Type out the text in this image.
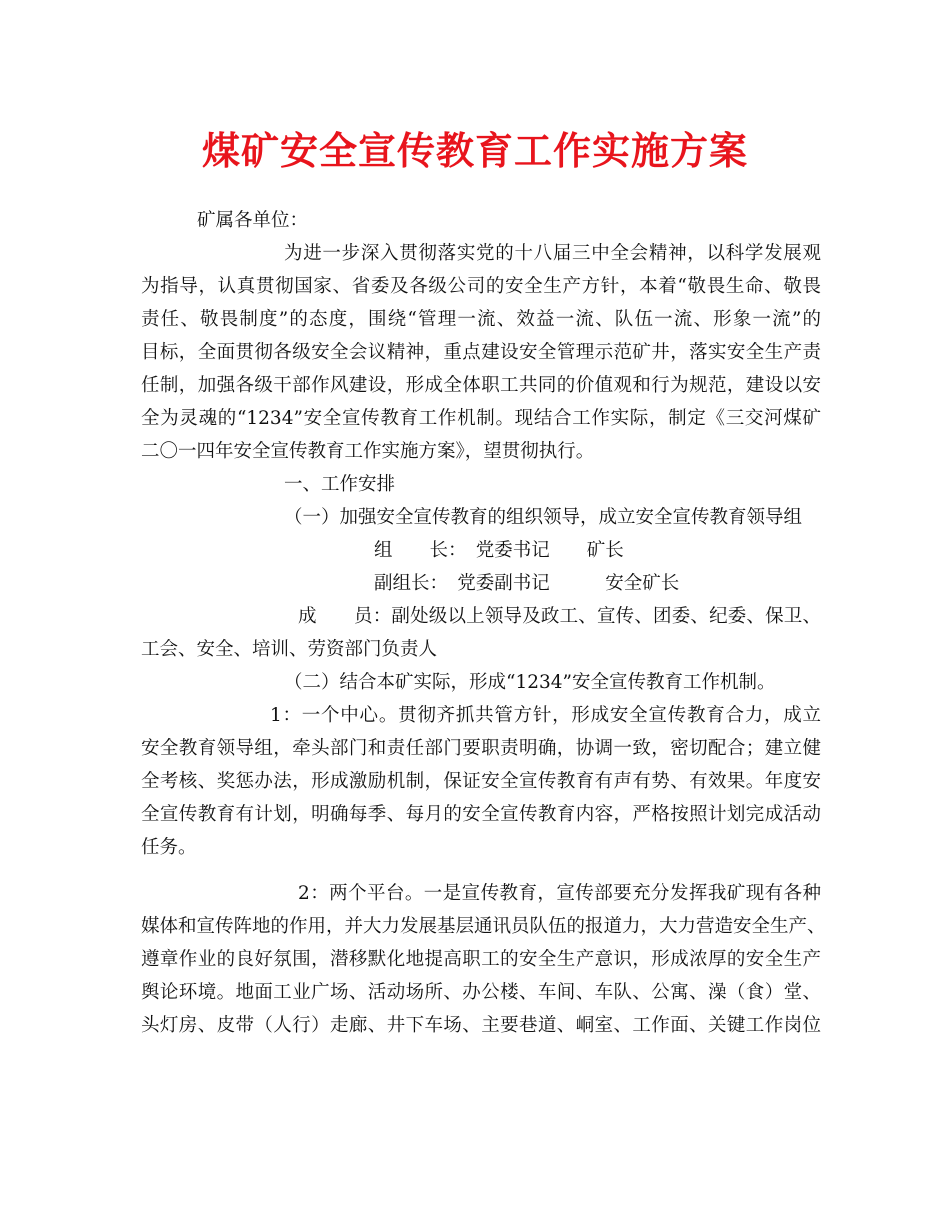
煤矿安全宣传教育工作实施方案
矿属各单位：
为进一步深入贯彻落实党的十八届三中全会精神，以科学发展观
为指导，认真贯彻国家、省委及各级公司的安全生产方针，本着“敬畏生命、敬畏
责任、敬畏制度”的态度，围绕“管理一流、效益一流、队伍一流、形象一流”的
目标，全面贯彻各级安全会议精神，重点建设安全管理示范矿井，落实安全生产责
任制，加强各级干部作风建设，形成全体职工共同的价值观和行为规范，建设以安
全为灵魂的“1234”安全宣传教育工作机制。现结合工作实际，制定《三交河煤矿
二〇一四年安全宣传教育工作实施方案》，望贯彻执行。
一、工作安排
（一）加强安全宣传教育的组织领导，成立安全宣传教育领导组
组　　长：　党委书记　　矿长
副组长：　党委副书记　　　安全矿长
成　　员：副处级以上领导及政工、宣传、团委、纪委、保卫、
工会、安全、培训、劳资部门负责人
（二）结合本矿实际，形成“1234”安全宣传教育工作机制。
1：一个中心。贯彻齐抓共管方针，形成安全宣传教育合力，成立
安全教育领导组，牵头部门和责任部门要职责明确，协调一致，密切配合；建立健
全考核、奖惩办法，形成激励机制，保证安全宣传教育有声有势、有效果。年度安
全宣传教育有计划，明确每季、每月的安全宣传教育内容，严格按照计划完成活动
任务。
2：两个平台。一是宣传教育，宣传部要充分发挥我矿现有各种
媒体和宣传阵地的作用，并大力发展基层通讯员队伍的报道力，大力营造安全生产、
遵章作业的良好氛围，潜移默化地提高职工的安全生产意识，形成浓厚的安全生产
舆论环境。地面工业广场、活动场所、办公楼、车间、车队、公寓、澡（食）堂、
头灯房、皮带（人行）走廊、井下车场、主要巷道、峒室、工作面、关键工作岗位
